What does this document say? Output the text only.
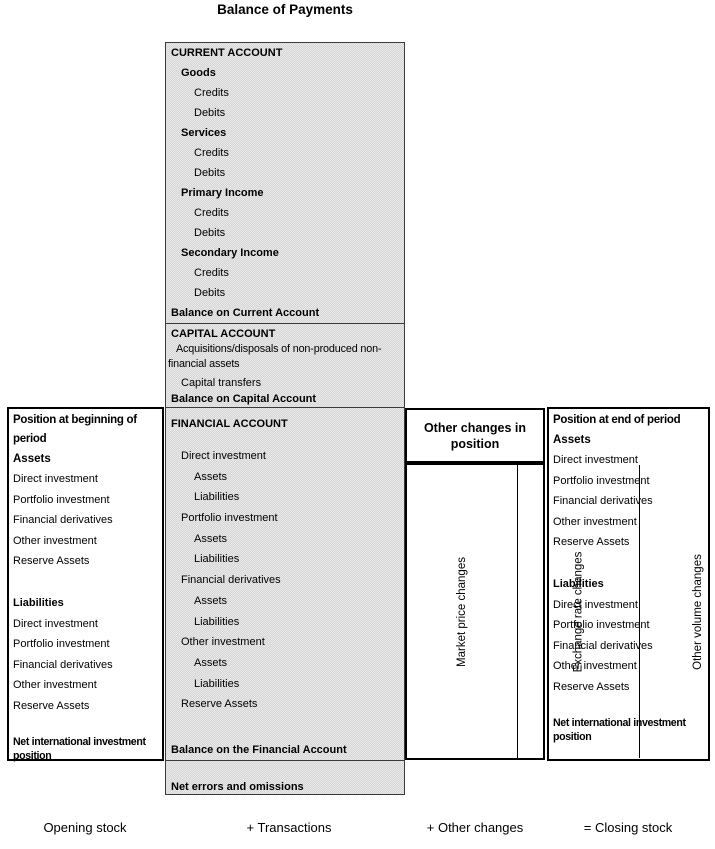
Balance of Payments
CURRENT ACCOUNT
Goods
Credits
Debits
Services
Credits
Debits
Primary Income
Credits
Debits
Secondary Income
Credits
Debits
Balance on Current Account
CAPITAL ACCOUNT
Acquisitions/disposals of non-produced non-financial assets
Capital transfers
Balance on Capital Account
FINANCIAL ACCOUNT
Direct investment
Assets
Liabilities
Portfolio investment
Assets
Liabilities
Financial derivatives
Assets
Liabilities
Other investment
Assets
Liabilities
Reserve Assets
Balance on the Financial Account
Net errors and omissions
Position at beginning of period
Assets
Direct investment
Portfolio investment
Financial derivatives
Other investment
Reserve Assets
Liabilities
Direct investment
Portfolio investment
Financial derivatives
Other investment
Reserve Assets
Net international investment position
Position at end of period
Assets
Direct investment
Portfolio investment
Financial derivatives
Other investment
Reserve Assets
Liabilities
Direct investment
Portfolio investment
Financial derivatives
Other investment
Reserve Assets
Net international investment position
Other changes in position
Market price changes	Exchange rate changes	Other volume changes
Opening stock	+ Transactions	+ Other changes	= Closing stock
